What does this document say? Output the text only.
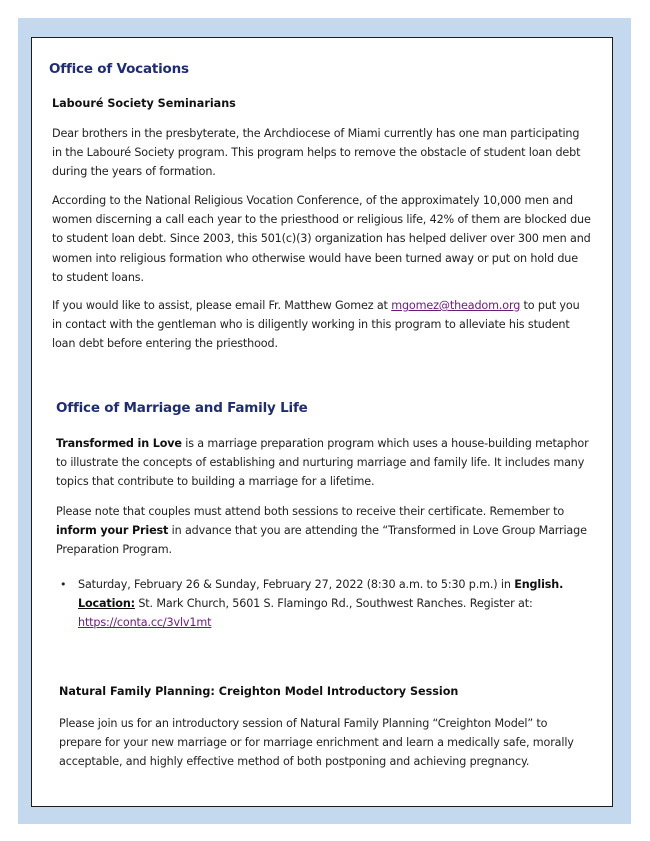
Office of Vocations

Labouré Society Seminarians

Dear brothers in the presbyterate, the Archdiocese of Miami currently has one man participating in the Labouré Society program. This program helps to remove the obstacle of student loan debt during the years of formation.

According to the National Religious Vocation Conference, of the approximately 10,000 men and women discerning a call each year to the priesthood or religious life, 42% of them are blocked due to student loan debt. Since 2003, this 501(c)(3) organization has helped deliver over 300 men and women into religious formation who otherwise would have been turned away or put on hold due to student loans.

If you would like to assist, please email Fr. Matthew Gomez at mgomez@theadom.org to put you in contact with the gentleman who is diligently working in this program to alleviate his student loan debt before entering the priesthood.

Office of Marriage and Family Life

Transformed in Love is a marriage preparation program which uses a house-building metaphor to illustrate the concepts of establishing and nurturing marriage and family life. It includes many topics that contribute to building a marriage for a lifetime.

Please note that couples must attend both sessions to receive their certificate. Remember to inform your Priest in advance that you are attending the “Transformed in Love Group Marriage Preparation Program.

• Saturday, February 26 & Sunday, February 27, 2022 (8:30 a.m. to 5:30 p.m.) in English.
Location: St. Mark Church, 5601 S. Flamingo Rd., Southwest Ranches. Register at: https://conta.cc/3vlv1mt

Natural Family Planning: Creighton Model Introductory Session

Please join us for an introductory session of Natural Family Planning “Creighton Model” to prepare for your new marriage or for marriage enrichment and learn a medically safe, morally acceptable, and highly effective method of both postponing and achieving pregnancy.
